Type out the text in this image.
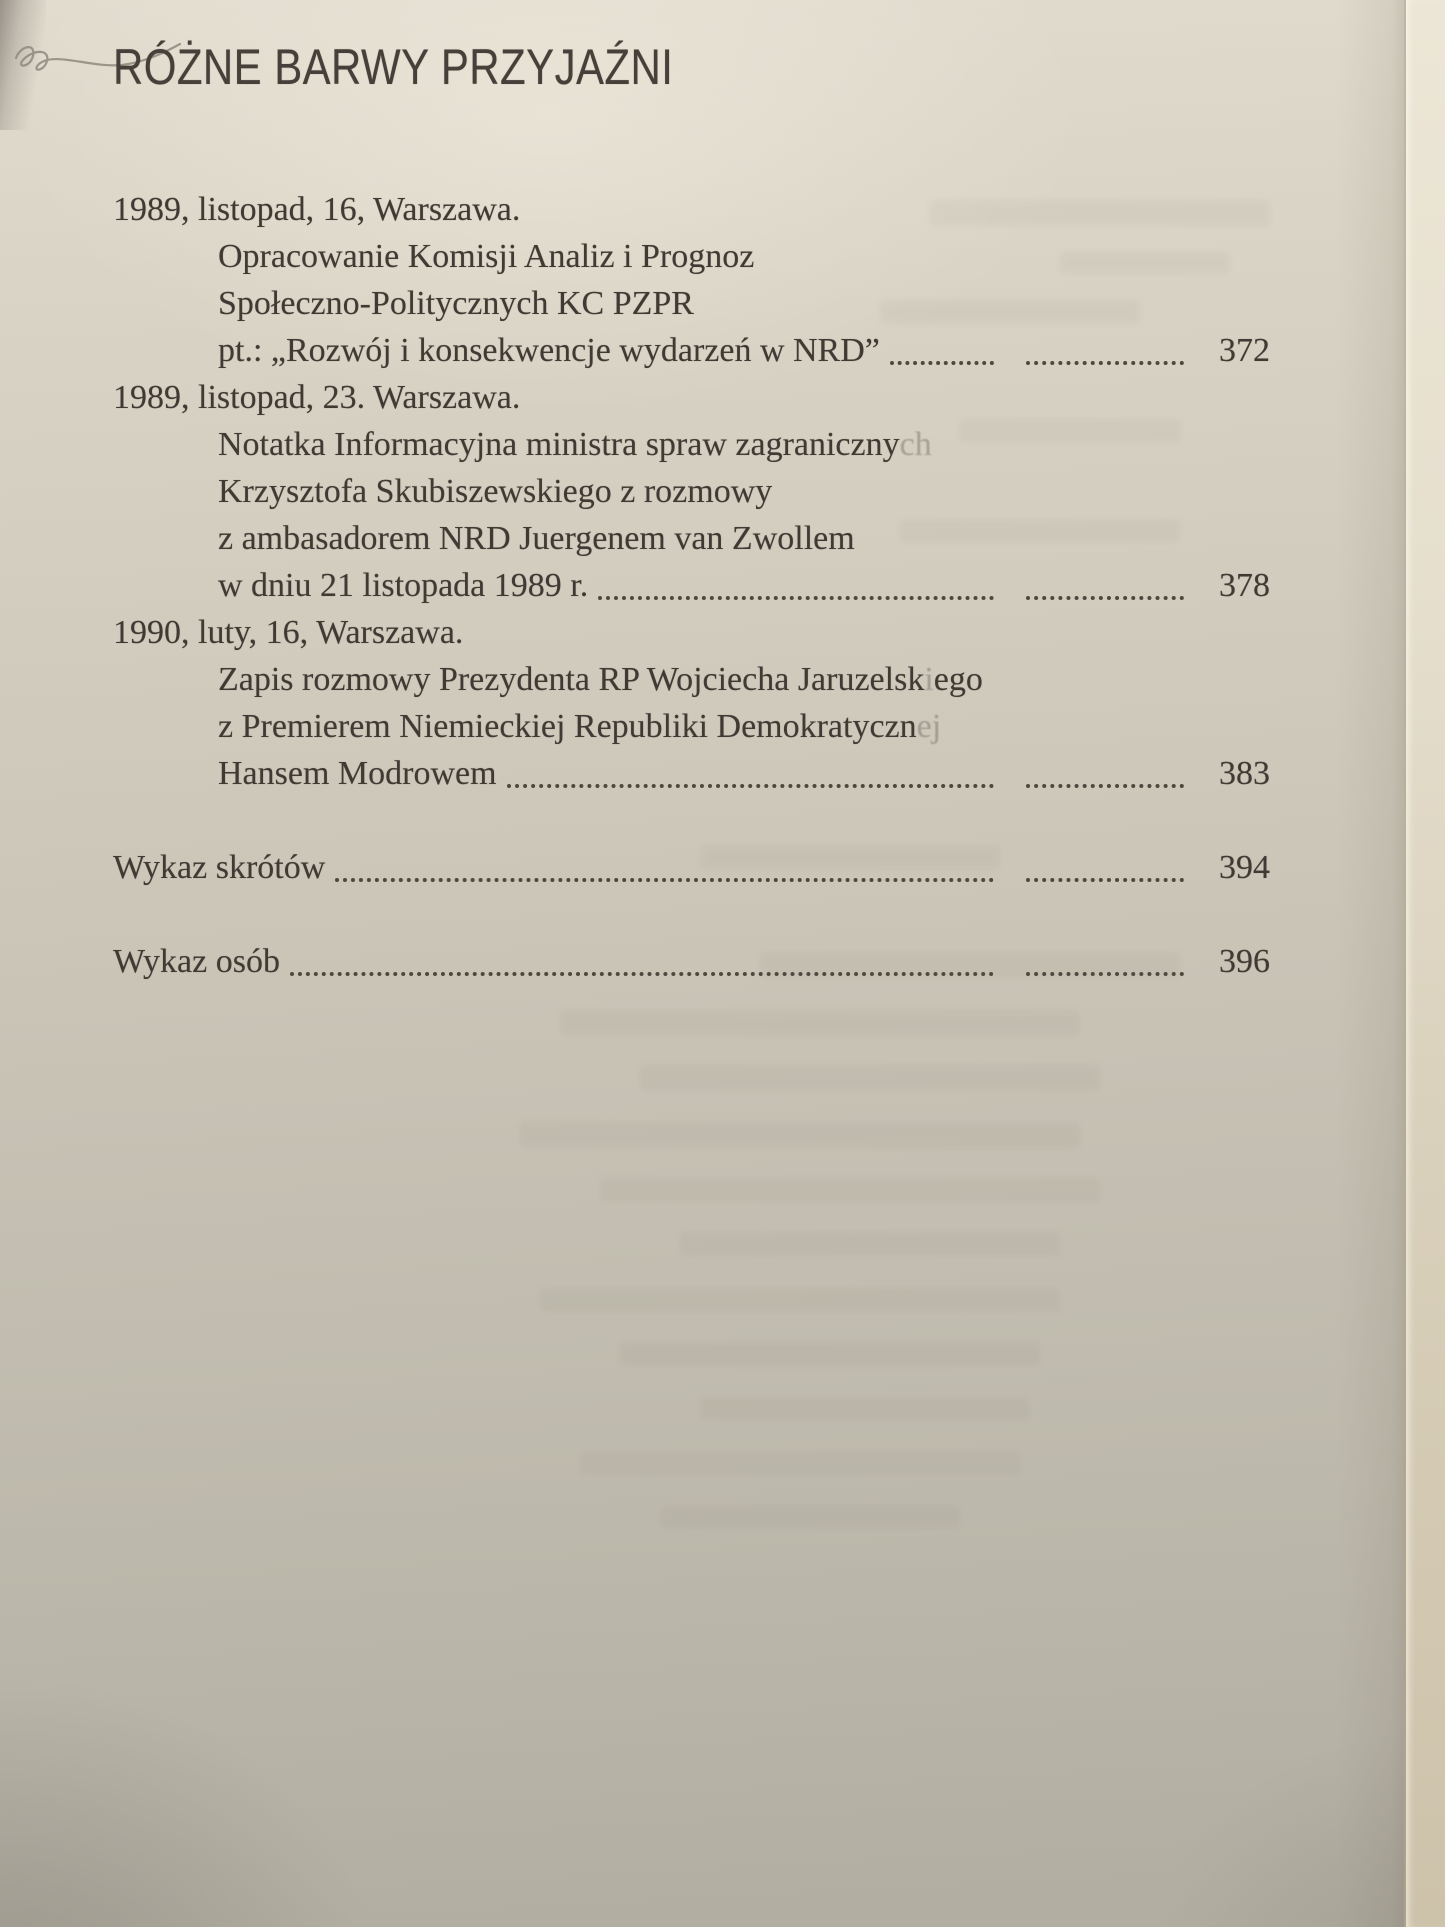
RÓŻNE BARWY PRZYJAŹNI
1989, listopad, 16, Warszawa.
Opracowanie Komisji Analiz i Prognoz
Społeczno-Politycznych KC PZPR
pt.: „Rozwój i konsekwencje wydarzeń w NRD”	372
1989, listopad, 23. Warszawa.
Notatka Informacyjna ministra spraw zagranicznych
Krzysztofa Skubiszewskiego z rozmowy
z ambasadorem NRD Juergenem van Zwollem
w dniu 21 listopada 1989 r.	378
1990, luty, 16, Warszawa.
Zapis rozmowy Prezydenta RP Wojciecha Jaruzelskiego
z Premierem Niemieckiej Republiki Demokratycznej
Hansem Modrowem	383
Wykaz skrótów	394
Wykaz osób	396
